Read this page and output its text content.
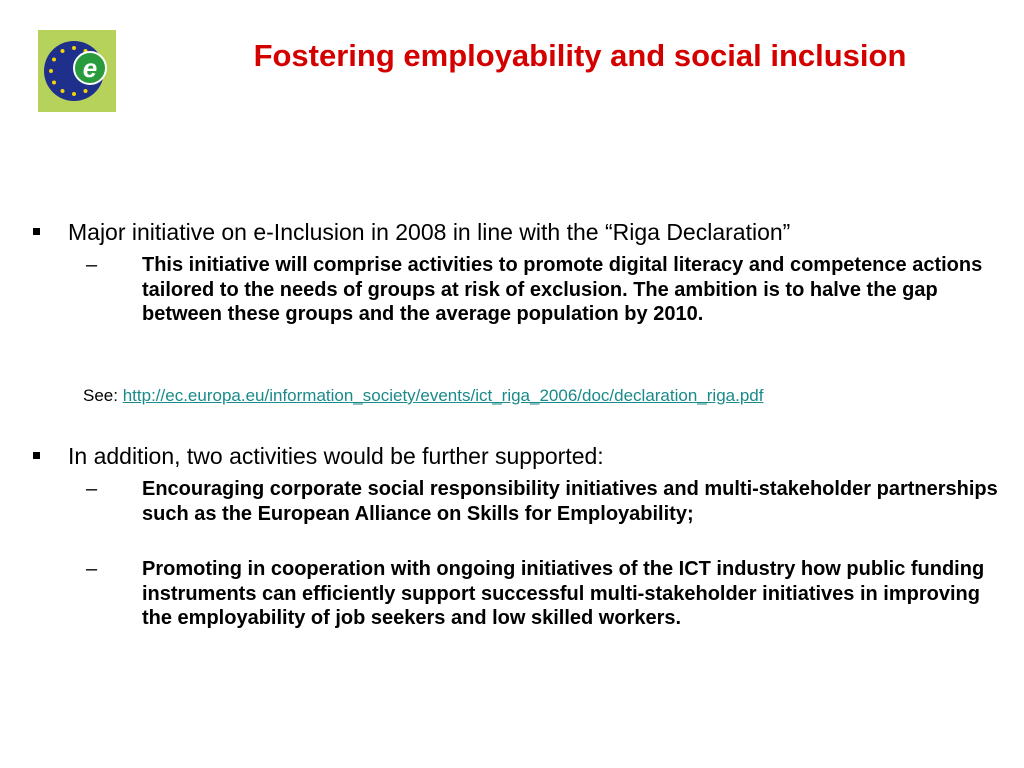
e	Fostering employability and social inclusion
Major initiative on e-Inclusion in 2008 in line with the “Riga Declaration”
– This initiative will comprise activities to promote digital literacy and competence actions tailored to the needs of groups at risk of exclusion. The ambition is to halve the gap between these groups and the average population by 2010.
See: http://ec.europa.eu/information_society/events/ict_riga_2006/doc/declaration_riga.pdf
In addition, two activities would be further supported:
– Encouraging corporate social responsibility initiatives and multi-stakeholder partnerships such as the European Alliance on Skills for Employability;
– Promoting in cooperation with ongoing initiatives of the ICT industry how public funding instruments can efficiently support successful multi-stakeholder initiatives in improving the employability of job seekers and low skilled workers.
